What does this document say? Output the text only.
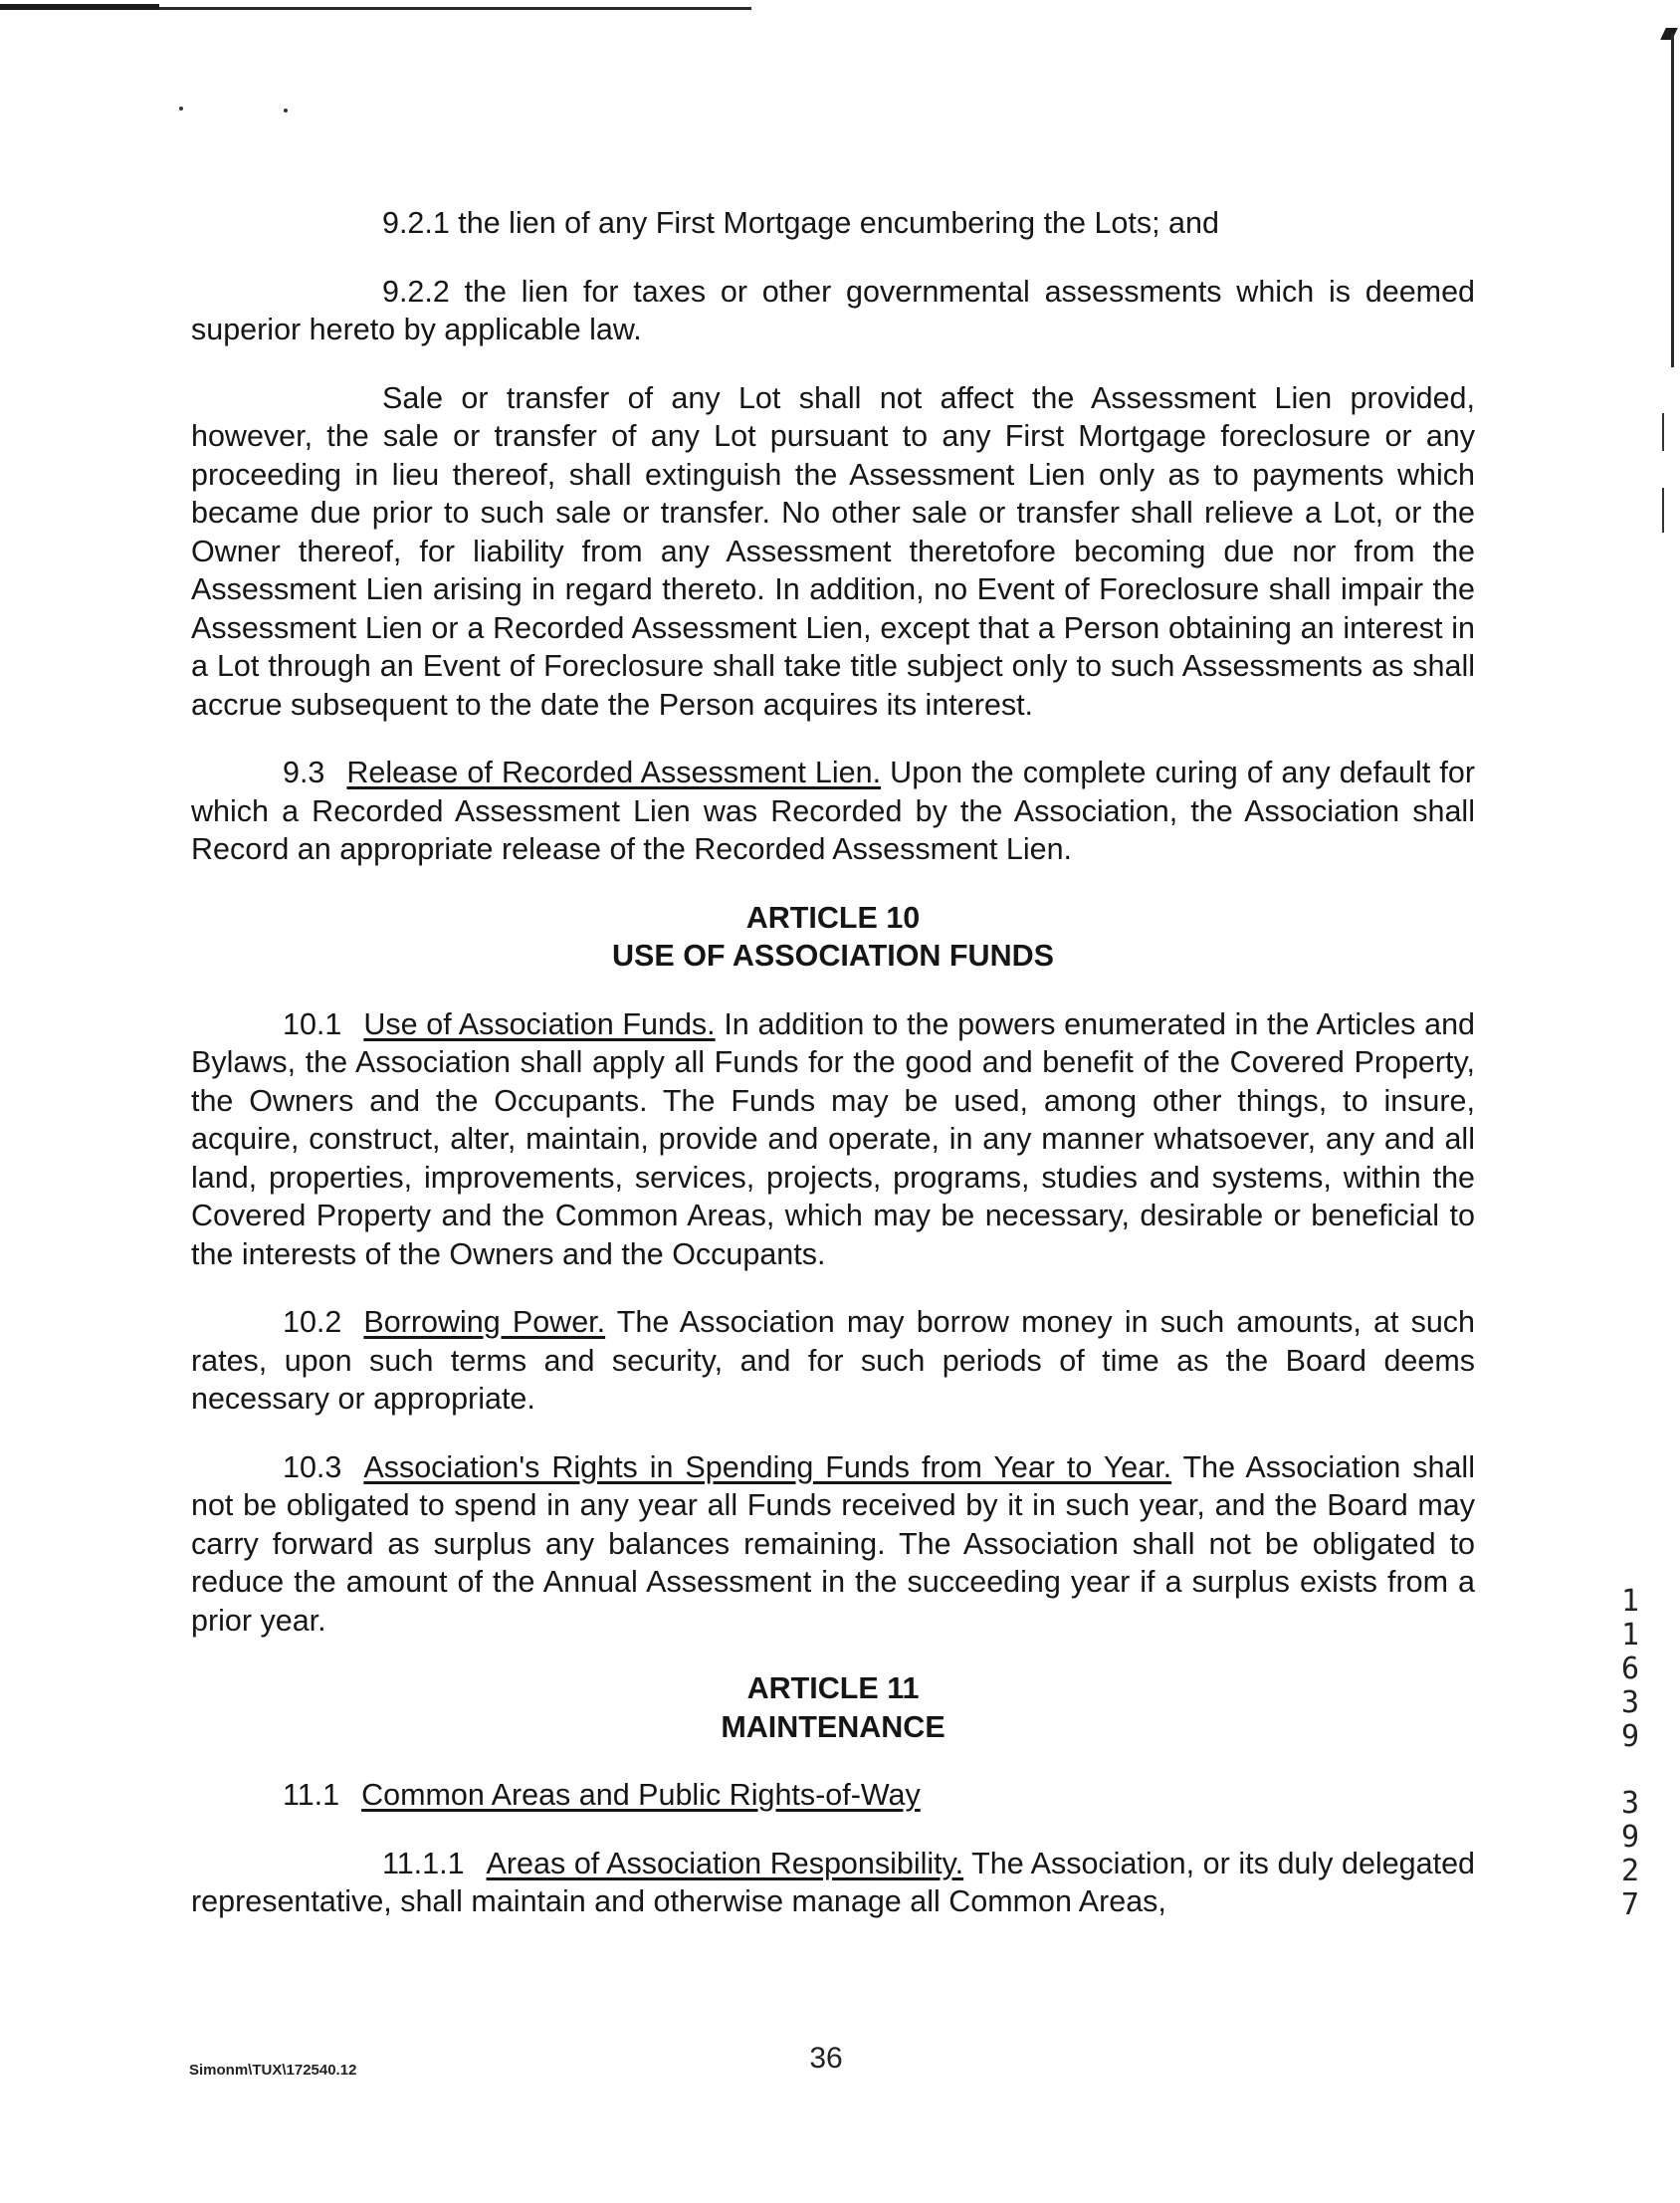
9.2.1 the lien of any First Mortgage encumbering the Lots; and

9.2.2 the lien for taxes or other governmental assessments which is deemed superior hereto by applicable law.

Sale or transfer of any Lot shall not affect the Assessment Lien provided, however, the sale or transfer of any Lot pursuant to any First Mortgage foreclosure or any proceeding in lieu thereof, shall extinguish the Assessment Lien only as to payments which became due prior to such sale or transfer. No other sale or transfer shall relieve a Lot, or the Owner thereof, for liability from any Assessment theretofore becoming due nor from the Assessment Lien arising in regard thereto. In addition, no Event of Foreclosure shall impair the Assessment Lien or a Recorded Assessment Lien, except that a Person obtaining an interest in a Lot through an Event of Foreclosure shall take title subject only to such Assessments as shall accrue subsequent to the date the Person acquires its interest.

9.3 Release of Recorded Assessment Lien. Upon the complete curing of any default for which a Recorded Assessment Lien was Recorded by the Association, the Association shall Record an appropriate release of the Recorded Assessment Lien.

ARTICLE 10
USE OF ASSOCIATION FUNDS

10.1 Use of Association Funds. In addition to the powers enumerated in the Articles and Bylaws, the Association shall apply all Funds for the good and benefit of the Covered Property, the Owners and the Occupants. The Funds may be used, among other things, to insure, acquire, construct, alter, maintain, provide and operate, in any manner whatsoever, any and all land, properties, improvements, services, projects, programs, studies and systems, within the Covered Property and the Common Areas, which may be necessary, desirable or beneficial to the interests of the Owners and the Occupants.

10.2 Borrowing Power. The Association may borrow money in such amounts, at such rates, upon such terms and security, and for such periods of time as the Board deems necessary or appropriate.

10.3 Association's Rights in Spending Funds from Year to Year. The Association shall not be obligated to spend in any year all Funds received by it in such year, and the Board may carry forward as surplus any balances remaining. The Association shall not be obligated to reduce the amount of the Annual Assessment in the succeeding year if a surplus exists from a prior year.

ARTICLE 11
MAINTENANCE

11.1 Common Areas and Public Rights-of-Way

11.1.1 Areas of Association Responsibility. The Association, or its duly delegated representative, shall maintain and otherwise manage all Common Areas,

1
1
6
3
9
3
9
2
7
Simonm\TUX\172540.12	36
